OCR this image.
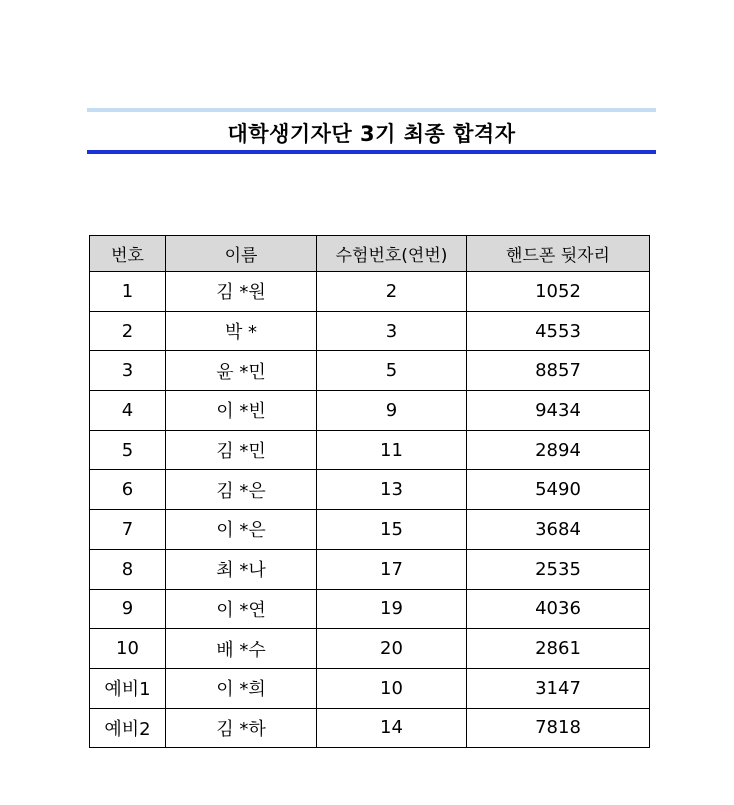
대학생기자단 3기 최종 합격자
번호	이름	수험번호(연번)	핸드폰 뒷자리
1	김 *원	2	1052
2	박 *	3	4553
3	윤 *민	5	8857
4	이 *빈	9	9434
5	김 *민	11	2894
6	김 *은	13	5490
7	이 *은	15	3684
8	최 *나	17	2535
9	이 *연	19	4036
10	배 *수	20	2861
예비1	이 *희	10	3147
예비2	김 *하	14	7818
